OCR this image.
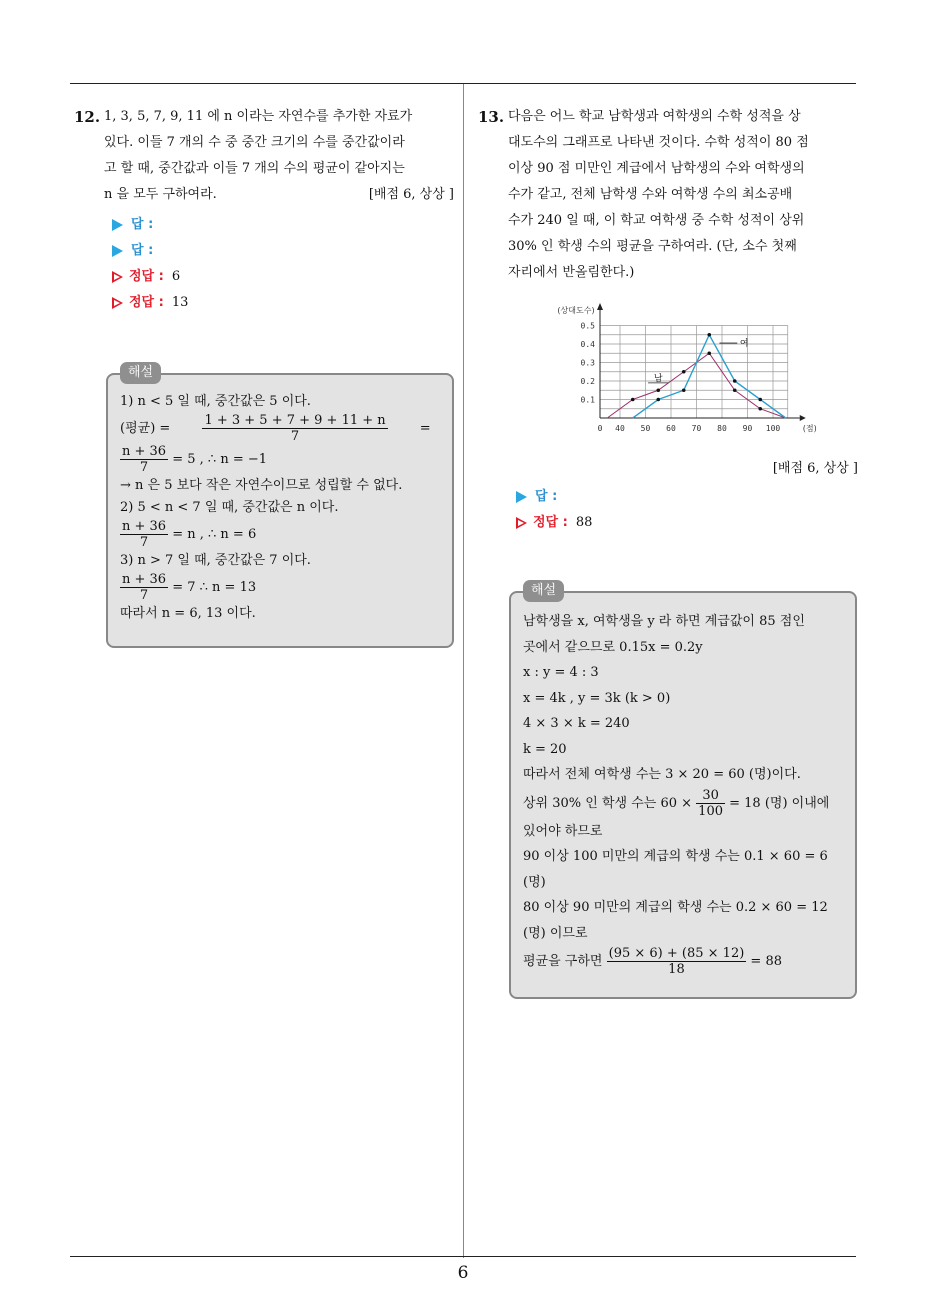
6
12. 1, 3, 5, 7, 9, 11 에 n 이라는 자연수를 추가한 자료가
있다. 이들 7 개의 수 중 중간 크기의 수를 중간값이라
고 할 때, 중간값과 이들 7 개의 수의 평균이 같아지는
n 을 모두 구하여라.	[배점 6, 상상 ]
답 :
답 :
정답 : 6
정답 : 13
해설
1) n < 5 일 때, 중간값은 5 이다.
(평균) = $\frac{1 + 3 + 5 + 7 + 9 + 11 + n}{7}$ =
$\frac{n + 36}{7} = 5$ , ∴ n = −1
→ n 은 5 보다 작은 자연수이므로 성립할 수 없다.
2) 5 < n < 7 일 때, 중간값은 n 이다.
$\frac{n + 36}{7} = n$ , ∴ n = 6
3) n > 7 일 때, 중간값은 7 이다.
$\frac{n + 36}{7} = 7$ ∴ n = 13
따라서 n = 6, 13 이다.
13. 다음은 어느 학교 남학생과 여학생의 수학 성적을 상
대도수의 그래프로 나타낸 것이다. 수학 성적이 80 점
이상 90 점 미만인 계급에서 남학생의 수와 여학생의
수가 같고, 전체 남학생 수와 여학생 수의 최소공배
수가 240 일 때, 이 학교 여학생 중 수학 성적이 상위
30% 인 학생 수의 평균을 구하여라. (단, 소수 첫째
자리에서 반올림한다.)
0.1
0.2
0.3
0.4
0.5
0 40 50 60 70 80 90 100
(상대도수)
(점)
남
여
[배점 6, 상상 ]
답 :
정답 : 88
해설
남학생을 x, 여학생을 y 라 하면 계급값이 85 점인
곳에서 같으므로 0.15x = 0.2y
x : y = 4 : 3
x = 4k , y = 3k (k > 0)
4 × 3 × k = 240
k = 20
따라서 전체 여학생 수는 3 × 20 = 60 (명)이다.
상위 30% 인 학생 수는 $60 \times \frac{30}{100} = 18$ (명) 이내에
있어야 하므로
90 이상 100 미만의 계급의 학생 수는 0.1 × 60 = 6
(명)
80 이상 90 미만의 계급의 학생 수는 0.2 × 60 = 12
(명) 이므로
평균을 구하면 $\frac{(95 \times 6) + (85 \times 12)}{18} = 88$
